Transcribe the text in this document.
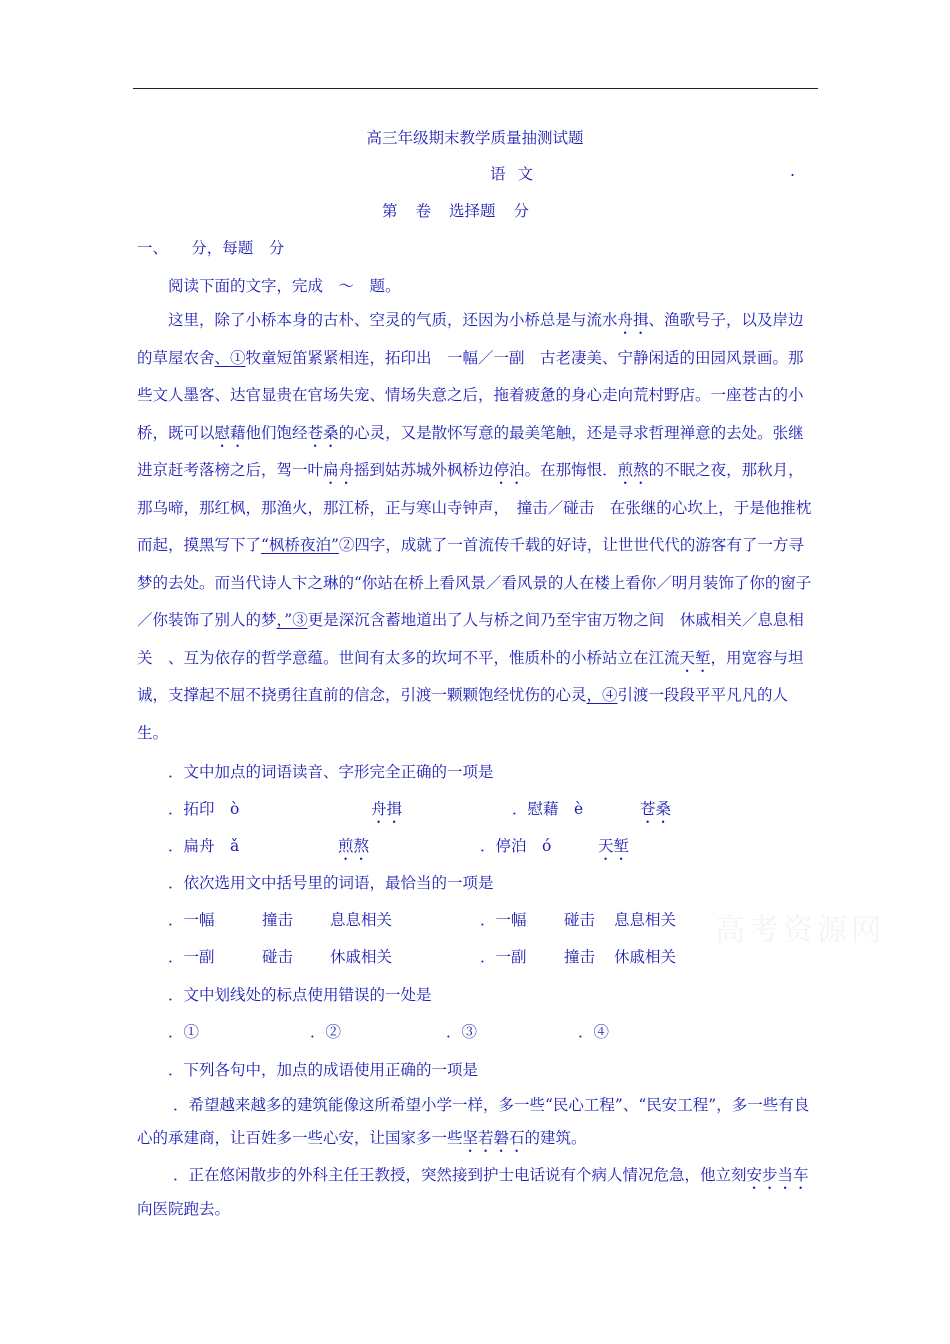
高三年级期末教学质量抽测试题
语文	.
第 卷 选择题 分
一、　　分，每题　分
阅读下面的文字，完成　～　题。

这里，除了小桥本身的古朴、空灵的气质，还因为小桥总是与流水舟揖、渔歌号子，以及岸边的草屋农舍、①牧童短笛紧紧相连，拓印出　一幅／一副　古老凄美、宁静闲适的田园风景画。那些文人墨客、达官显贵在官场失宠、情场失意之后，拖着疲惫的身心走向荒村野店。一座苍古的小桥，既可以慰藉他们饱经苍桑的心灵，又是散怀写意的最美笔触，还是寻求哲理禅意的去处。张继进京赶考落榜之后，驾一叶扁舟摇到姑苏城外枫桥边停泊。在那悔恨．煎熬的不眠之夜，那秋月，那乌啼，那红枫，那渔火，那江桥，正与寒山寺钟声，　撞击／碰击　在张继的心坎上，于是他推枕而起，摸黑写下了“枫桥夜泊”②四字，成就了一首流传千载的好诗，让世世代代的游客有了一方寻梦的去处。而当代诗人卞之琳的“你站在桥上看风景／看风景的人在楼上看你／明月装饰了你的窗子／你装饰了别人的梦，”③更是深沉含蓄地道出了人与桥之间乃至宇宙万物之间　休戚相关／息息相关　、互为依存的哲学意蕴。世间有太多的坎坷不平，惟质朴的小桥站立在江流天堑，用宽容与坦诚，支撑起不屈不挠勇往直前的信念，引渡一颗颗饱经忧伤的心灵，④引渡一段段平平凡凡的人生。

．文中加点的词语读音、字形完全正确的一项是
．拓印　ò	舟揖	．慰藉　è	苍桑
．扁舟　ǎ	煎熬	．停泊　ó	天堑
．依次选用文中括号里的词语，最恰当的一项是
．一幅	撞击 息息相关	．一幅 碰击 息息相关
．一副	碰击 休戚相关	．一副 撞击 休戚相关
．文中划线处的标点使用错误的一处是
．①	．②	．③	．④
．下列各句中，加点的成语使用正确的一项是

．希望越来越多的建筑能像这所希望小学一样，多一些“民心工程”、“民安工程”，多一些有良心的承建商，让百姓多一些心安，让国家多一些坚若磐石的建筑。

．正在悠闲散步的外科主任王教授，突然接到护士电话说有个病人情况危急，他立刻安步当车向医院跑去。

高考资源网
